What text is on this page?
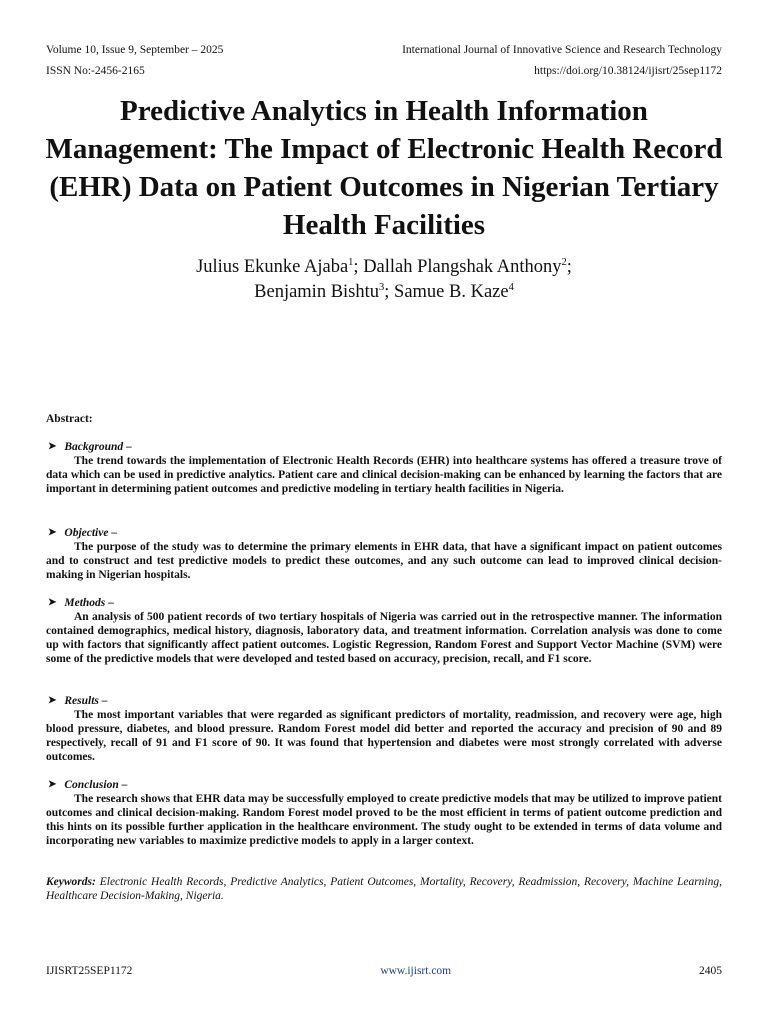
Volume 10, Issue 9, September – 2025	International Journal of Innovative Science and Research Technology
ISSN No:-2456-2165	https://doi.org/10.38124/ijisrt/25sep1172
Predictive Analytics in Health Information Management: The Impact of Electronic Health Record (EHR) Data on Patient Outcomes in Nigerian Tertiary Health Facilities
Julius Ekunke Ajaba$^1$; Dallah Plangshak Anthony$^2$;
Benjamin Bishtu$^3$; Samue B. Kaze$^4$
Abstract:
➤ Background –

The trend towards the implementation of Electronic Health Records (EHR) into healthcare systems has offered a treasure trove of data which can be used in predictive analytics. Patient care and clinical decision-making can be enhanced by learning the factors that are important in determining patient outcomes and predictive modeling in tertiary health facilities in Nigeria.

➤ Objective –

The purpose of the study was to determine the primary elements in EHR data, that have a significant impact on patient outcomes and to construct and test predictive models to predict these outcomes, and any such outcome can lead to improved clinical decision-making in Nigerian hospitals.

➤ Methods –

An analysis of 500 patient records of two tertiary hospitals of Nigeria was carried out in the retrospective manner. The information contained demographics, medical history, diagnosis, laboratory data, and treatment information. Correlation analysis was done to come up with factors that significantly affect patient outcomes. Logistic Regression, Random Forest and Support Vector Machine (SVM) were some of the predictive models that were developed and tested based on accuracy, precision, recall, and F1 score.

➤ Results –

The most important variables that were regarded as significant predictors of mortality, readmission, and recovery were age, high blood pressure, diabetes, and blood pressure. Random Forest model did better and reported the accuracy and precision of 90 and 89 respectively, recall of 91 and F1 score of 90. It was found that hypertension and diabetes were most strongly correlated with adverse outcomes.

➤ Conclusion –

The research shows that EHR data may be successfully employed to create predictive models that may be utilized to improve patient outcomes and clinical decision-making. Random Forest model proved to be the most efficient in terms of patient outcome prediction and this hints on its possible further application in the healthcare environment. The study ought to be extended in terms of data volume and incorporating new variables to maximize predictive models to apply in a larger context.

Keywords: Electronic Health Records, Predictive Analytics, Patient Outcomes, Mortality, Recovery, Readmission, Recovery, Machine Learning, Healthcare Decision-Making, Nigeria.
IJISRT25SEP1172	www.ijisrt.com	2405
